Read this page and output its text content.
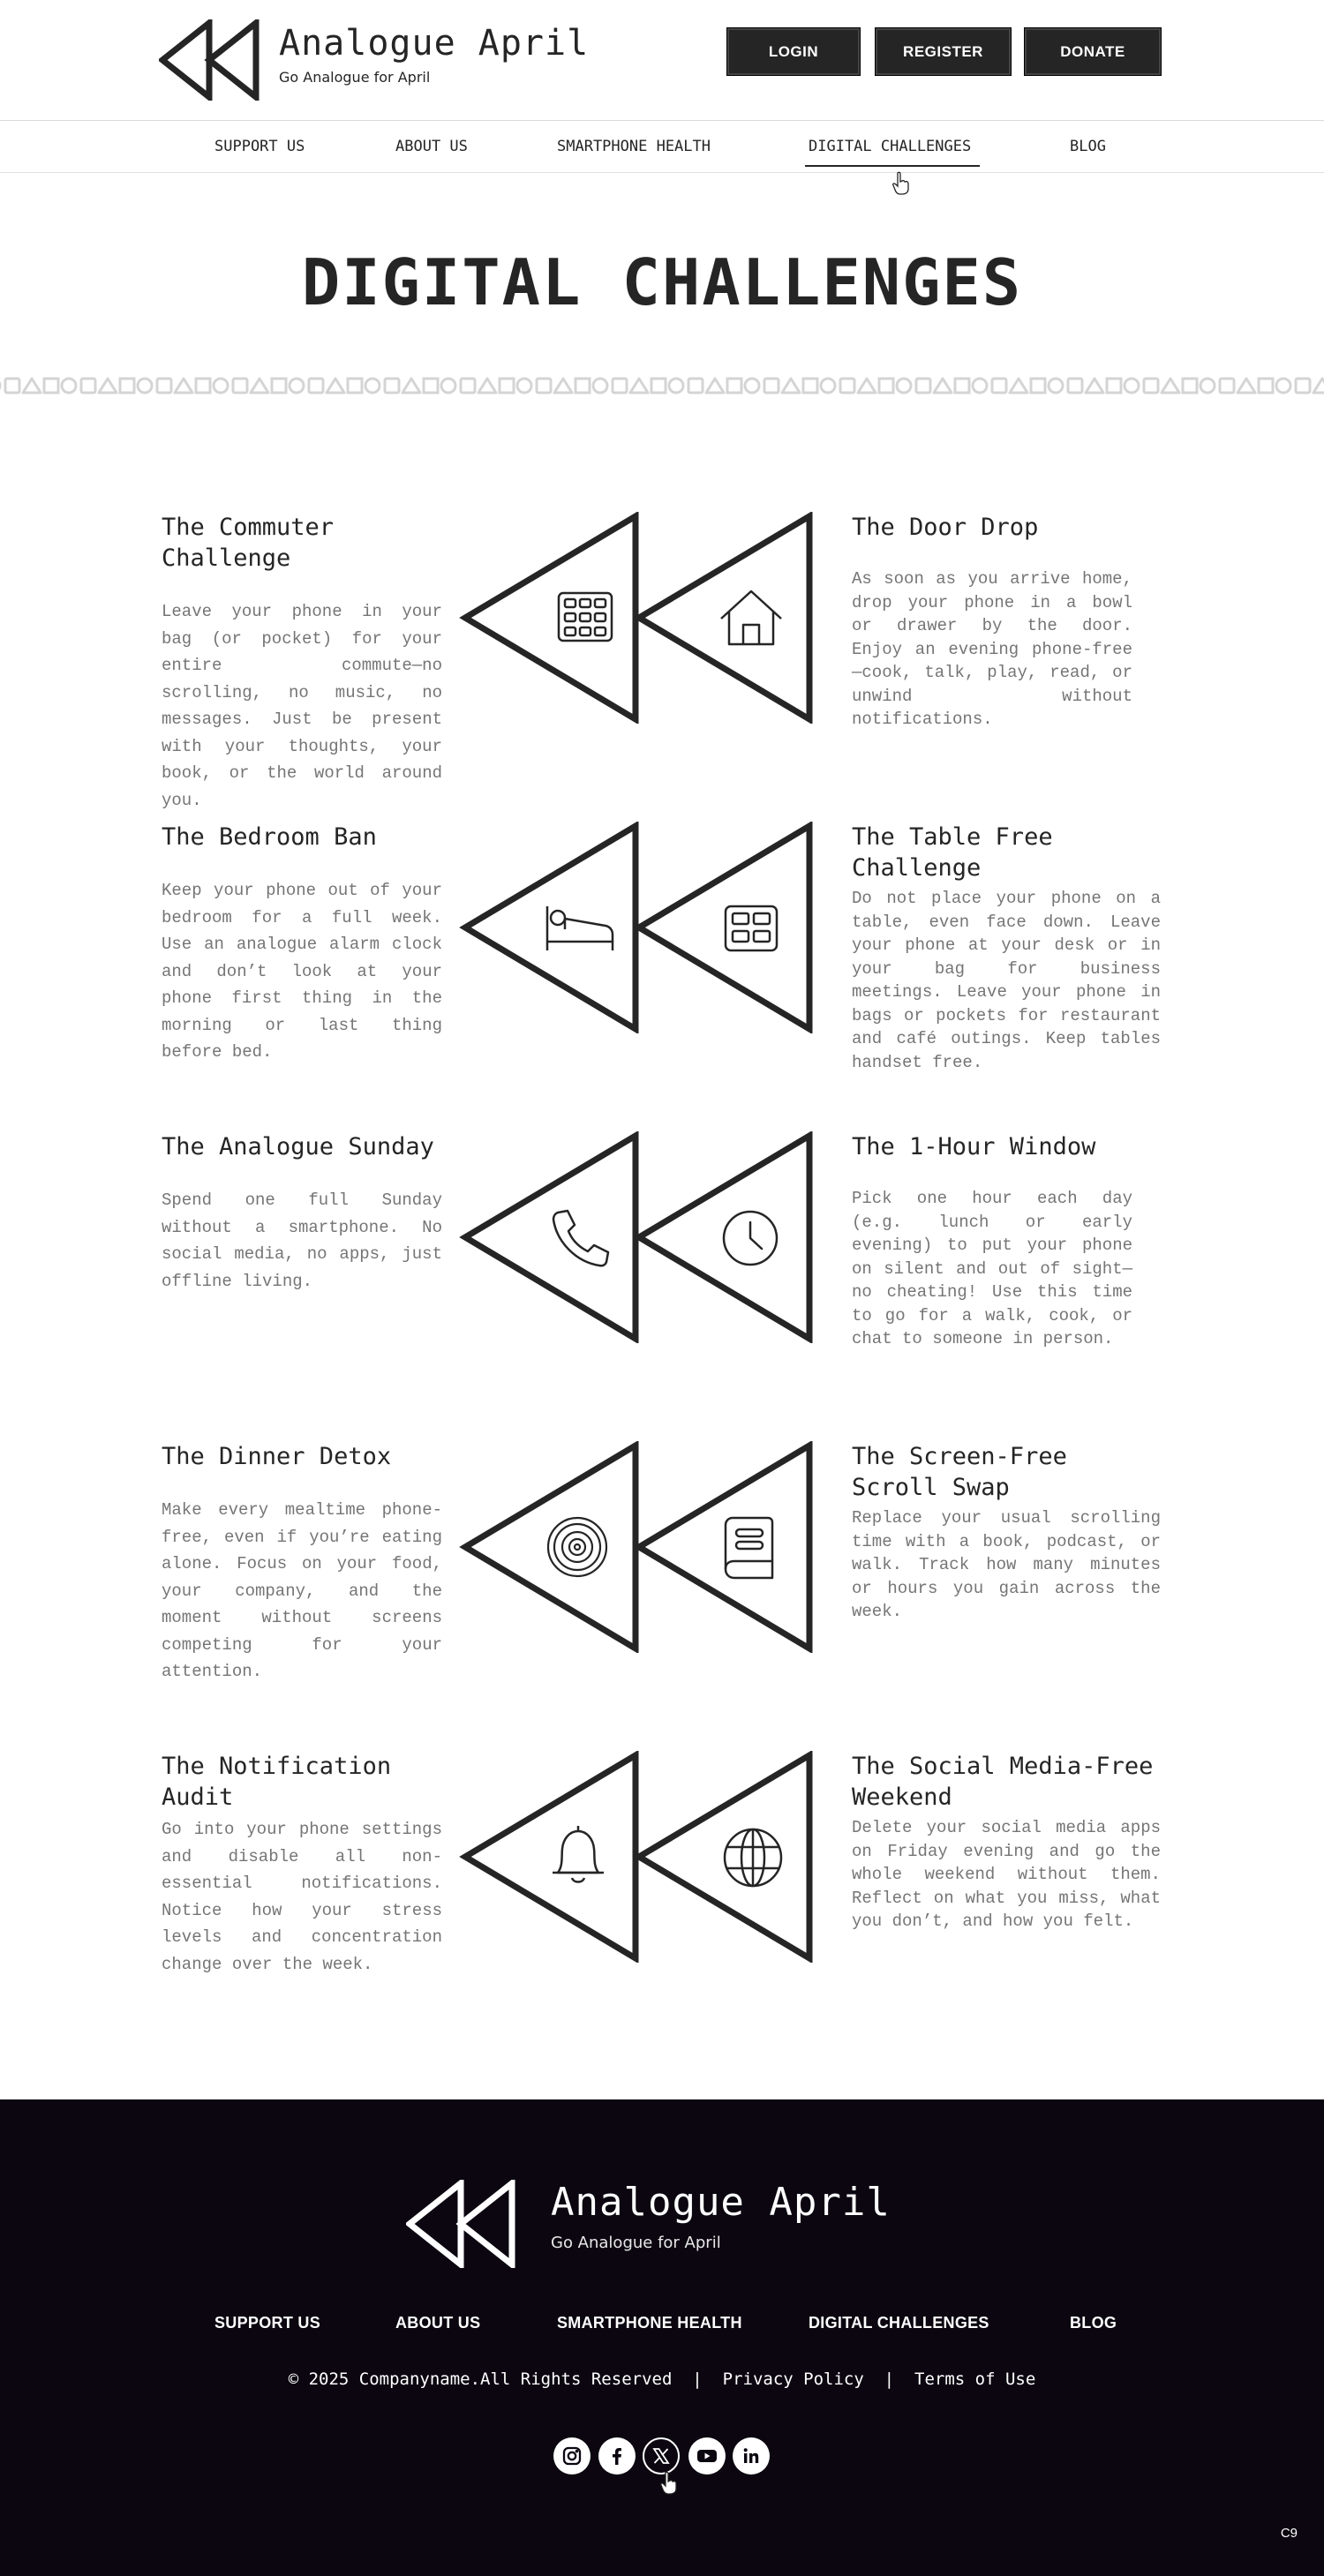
Analogue April
Go Analogue for April
LOGIN	REGISTER	DONATE
SUPPORT US	ABOUT US	SMARTPHONE HEALTH	DIGITAL CHALLENGES	BLOG
DIGITAL CHALLENGES
The Commuter Challenge
Leave your phone in your bag (or pocket) for your entire commute—no scrolling, no music, no messages. Just be present with your thoughts, your book, or the world around you.
The Door Drop
As soon as you arrive home, drop your phone in a bowl or drawer by the door. Enjoy an evening phone-free—cook, talk, play, read, or unwind without notifications.
The Bedroom Ban
Keep your phone out of your bedroom for a full week. Use an analogue alarm clock and don’t look at your phone first thing in the morning or last thing before bed.
The Table Free Challenge
Do not place your phone on a table, even face down. Leave your phone at your desk or in your bag for business meetings. Leave your phone in bags or pockets for restaurant and café outings. Keep tables handset free.
The Analogue Sunday
Spend one full Sunday without a smartphone. No social media, no apps, just offline living.
The 1-Hour Window
Pick one hour each day (e.g. lunch or early evening) to put your phone on silent and out of sight—no cheating! Use this time to go for a walk, cook, or chat to someone in person.
The Dinner Detox
Make every mealtime phone-free, even if you’re eating alone. Focus on your food, your company, and the moment without screens competing for your attention.
The Screen-Free Scroll Swap
Replace your usual scrolling time with a book, podcast, or walk. Track how many minutes or hours you gain across the week.
The Notification Audit
Go into your phone settings and disable all non-essential notifications. Notice how your stress levels and concentration change over the week.
The Social Media-Free Weekend
Delete your social media apps on Friday evening and go the whole weekend without them. Reflect on what you miss, what you don’t, and how you felt.
Analogue April
Go Analogue for April
SUPPORT US	ABOUT US	SMARTPHONE HEALTH	DIGITAL CHALLENGES	BLOG
© 2025 Companyname.All Rights Reserved | Privacy Policy | Terms of Use
C9
